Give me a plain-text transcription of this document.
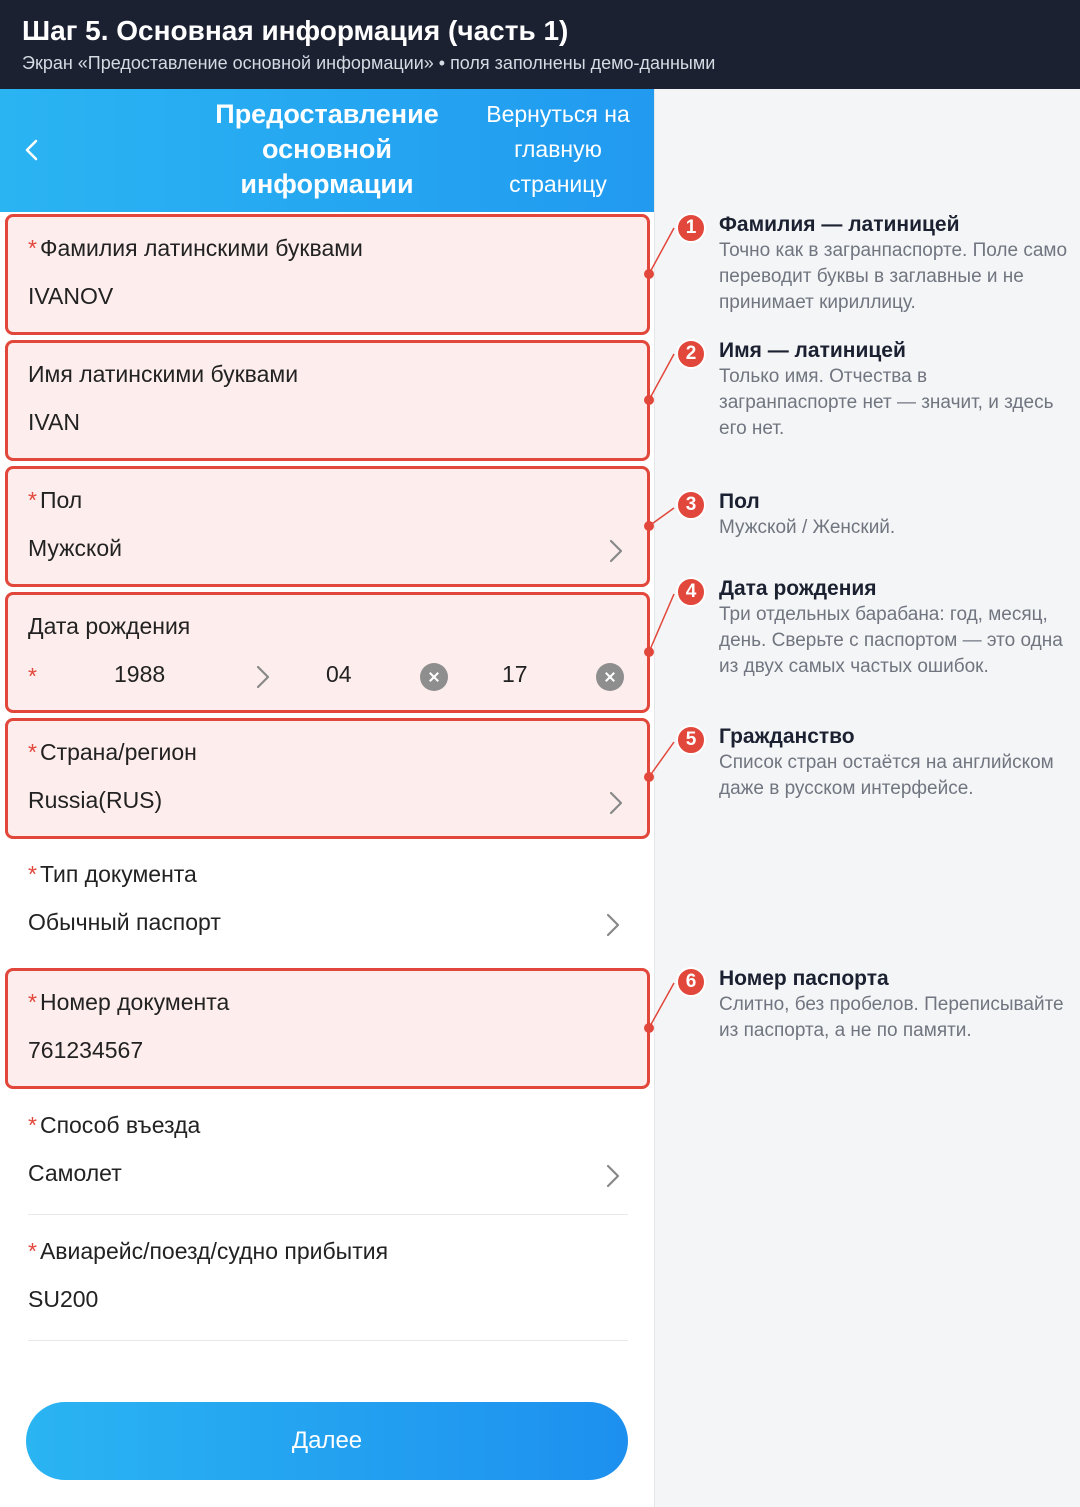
Шаг 5. Основная информация (часть 1)

Экран «Предоставление основной информации» • поля заполнены демо-данными

Предоставление основной информации
Вернуться на главную страницу
* Фамилия латинскими буквами
IVANOV
Имя латинскими буквами
IVAN
* Пол
Мужской
Дата рождения
*	1988	04	17
* Страна/регион
Russia(RUS)
* Тип документа
Обычный паспорт
* Номер документа
761234567
* Способ въезда
Самолет
* Авиарейс/поезд/судно прибытия
SU200
Далее
Фамилия — латиницей

Точно как в загранпаспорте. Поле само переводит буквы в заглавные и не принимает кириллицу.

Имя — латиницей

Только имя. Отчества в загранпаспорте нет — значит, и здесь его нет.

Пол

Мужской / Женский.

Дата рождения

Три отдельных барабана: год, месяц, день. Сверьте с паспортом — это одна из двух самых частых ошибок.

Гражданство

Список стран остаётся на английском даже в русском интерфейсе.

Номер паспорта

Слитно, без пробелов. Переписывайте из паспорта, а не по памяти.

1
2
3
4
5
6
